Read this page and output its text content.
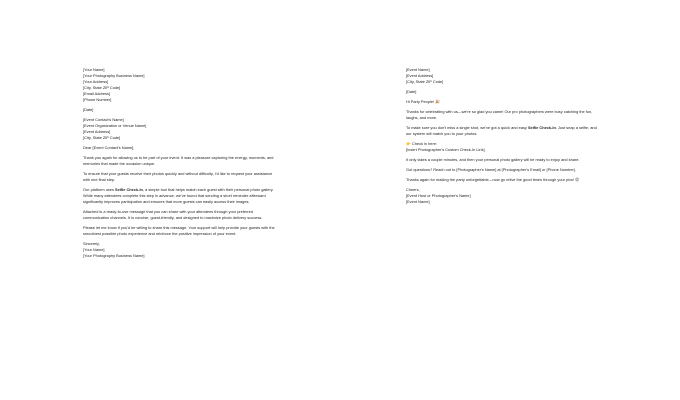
[Your Name]
[Your Photography Business Name]
[Your Address]
[City, State ZIP Code]
[Email Address]
[Phone Number]
[Date]
[Event Contact's Name]
[Event Organization or Venue Name]
[Event Address]
[City, State ZIP Code]
Dear [Event Contact's Name],
Thank you again for allowing us to be part of your event. It was a pleasure capturing the energy, moments, and memories that made the occasion unique.
To ensure that your guests receive their photos quickly and without difficulty, I'd like to request your assistance with one final step.
Our platform uses Selfie Check-In, a simple tool that helps match each guest with their personal photo gallery. While many attendees complete this step in advance, we've found that sending a short reminder afterward significantly improves participation and ensures that more guests can easily access their images.
Attached is a ready-to-use message that you can share with your attendees through your preferred communication channels. It is concise, guest-friendly, and designed to maximize photo delivery success.
Please let me know if you'd be willing to share this message. Your support will help provide your guests with the smoothest possible photo experience and reinforce the positive impression of your event.
Sincerely,
[Your Name]
[Your Photography Business Name]
[Event Name]
[Event Address]
[City, State ZIP Code]
[Date]
Hi Party People! 🎉
Thanks for celebrating with us—we're so glad you came! Our pro photographers were busy catching the fun, laughs, and more.
To make sure you don't miss a single shot, we've got a quick and easy Selfie Check-In. Just snap a selfie, and our system will match you to your photos.
👉 Check in here:
[Insert Photographer's Custom Check-In Link]
It only takes a couple minutes, and then your personal photo gallery will be ready to enjoy and share.
Got questions? Reach out to [Photographer's Name] at [Photographer's Email] or [Phone Number].
Thanks again for making the party unforgettable—now go relive the good times through your pics! 😍
Cheers,
[Event Host or Photographer's Name]
[Event Name]
